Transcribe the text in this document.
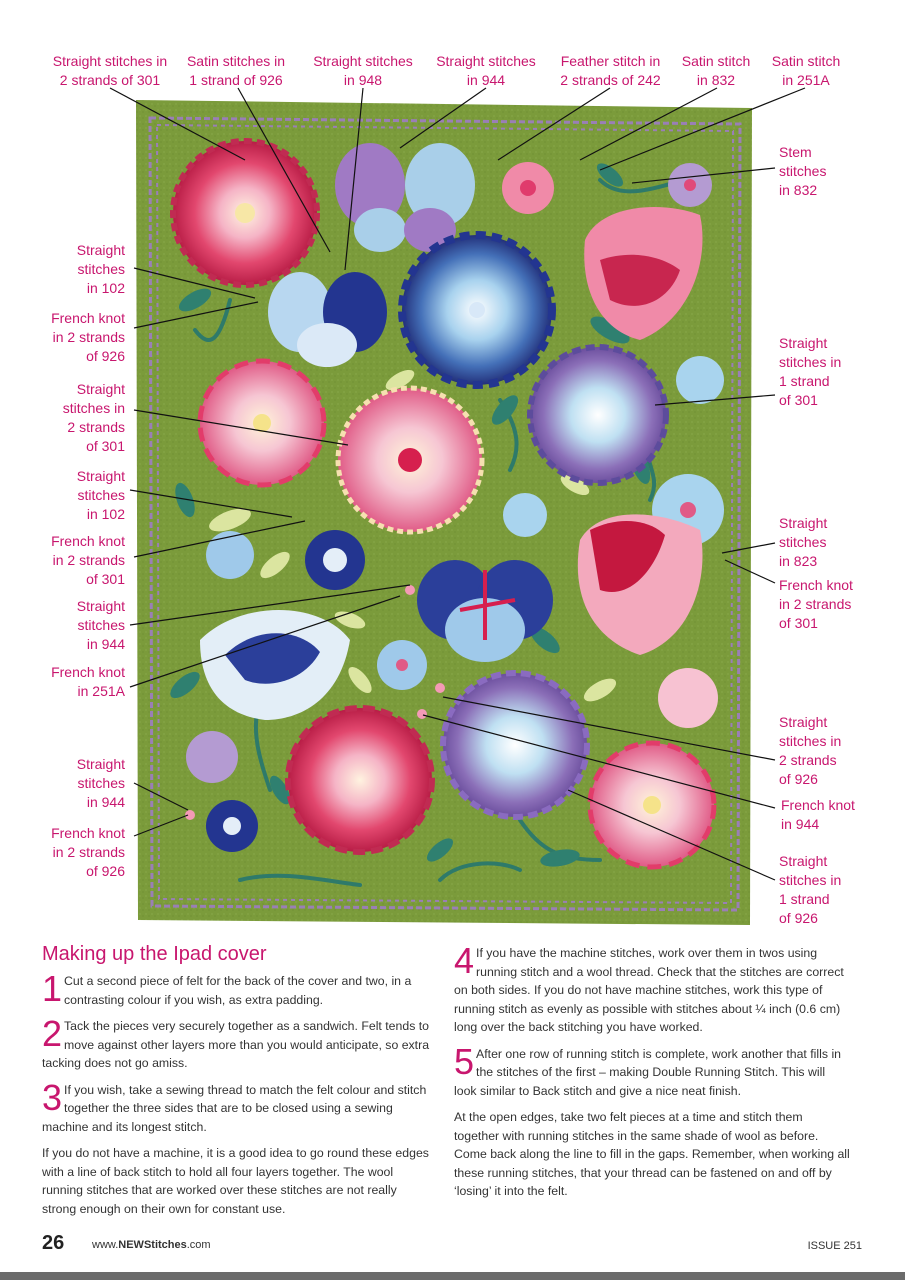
Straight stitches in
2 strands of 301
Satin stitches in
1 strand of 926
Straight stitches
in 948
Straight stitches
in 944
Feather stitch in
2 strands of 242
Satin stitch
in 832
Satin stitch
in 251A
Straight
stitches
in 102
French knot
in 2 strands
of 926
Straight
stitches in
2 strands
of 301
Straight
stitches
in 102
French knot
in 2 strands
of 301
Straight
stitches
in 944
French knot
in 251A
Straight
stitches
in 944
French knot
in 2 strands
of 926
Stem
stitches
in 832
Straight
stitches in
1 strand
of 301
Straight
stitches
in 823
French knot
in 2 strands
of 301
Straight
stitches in
2 strands
of 926
French knot
in 944
Straight
stitches in
1 strand
of 926
Making up the Ipad cover

1 Cut a second piece of felt for the back of the cover and two, in a contrasting colour if you wish, as extra padding.

2 Tack the pieces very securely together as a sandwich. Felt tends to move against other layers more than you would anticipate, so extra tacking does not go amiss.

3 If you wish, take a sewing thread to match the felt colour and stitch together the three sides that are to be closed using a sewing machine and its longest stitch.

If you do not have a machine, it is a good idea to go round these edges with a line of back stitch to hold all four layers together. The wool running stitches that are worked over these stitches are not really strong enough on their own for constant use.

4 If you have the machine stitches, work over them in twos using running stitch and a wool thread. Check that the stitches are correct on both sides. If you do not have machine stitches, work this type of running stitch as evenly as possible with stitches about ¼ inch (0.6 cm) long over the back stitching you have worked.

5 After one row of running stitch is complete, work another that fills in the stitches of the first – making Double Running Stitch. This will look similar to Back stitch and give a nice neat finish.

At the open edges, take two felt pieces at a time and stitch them together with running stitches in the same shade of wool as before. Come back along the line to fill in the gaps. Remember, when working all these running stitches, that your thread can be fastened on and off by ‘losing’ it into the felt.

26	www.NEWStitches.com	ISSUE 251
